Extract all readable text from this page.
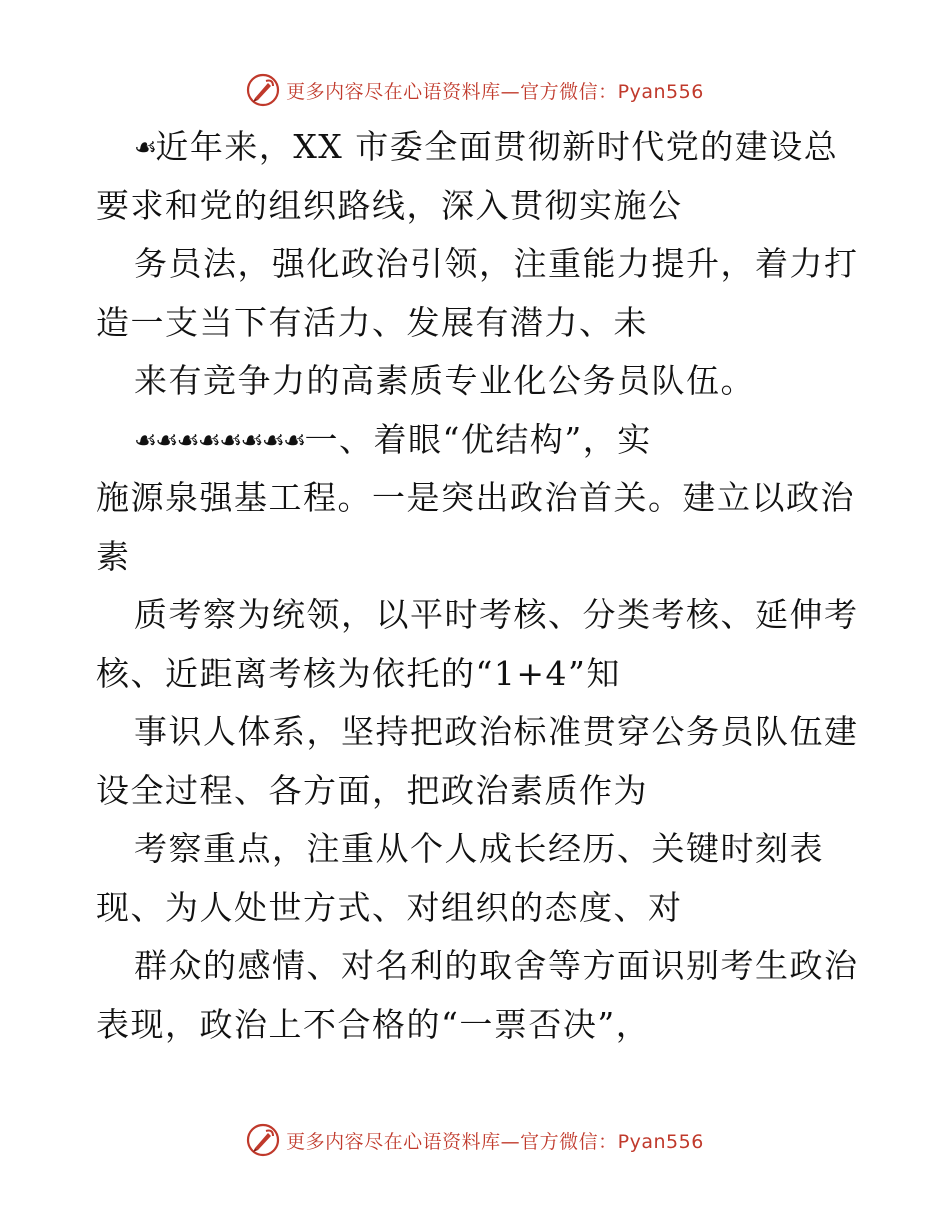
更多内容尽在心语资料库—官方微信：Pyan556
☙近年来，XX 市委全面贯彻新时代党的建设总
要求和党的组织路线，深入贯彻实施公
务员法，强化政治引领，注重能力提升，着力打
造一支当下有活力、发展有潜力、未
来有竞争力的高素质专业化公务员队伍。
☙☙☙☙☙☙☙☙一、着眼“优结构”，实
施源泉强基工程。一是突出政治首关。建立以政治
素
质考察为统领，以平时考核、分类考核、延伸考
核、近距离考核为依托的“1+4”知
事识人体系，坚持把政治标准贯穿公务员队伍建
设全过程、各方面，把政治素质作为
考察重点，注重从个人成长经历、关键时刻表
现、为人处世方式、对组织的态度、对
群众的感情、对名利的取舍等方面识别考生政治
表现，政治上不合格的“一票否决”，
更多内容尽在心语资料库—官方微信：Pyan556
